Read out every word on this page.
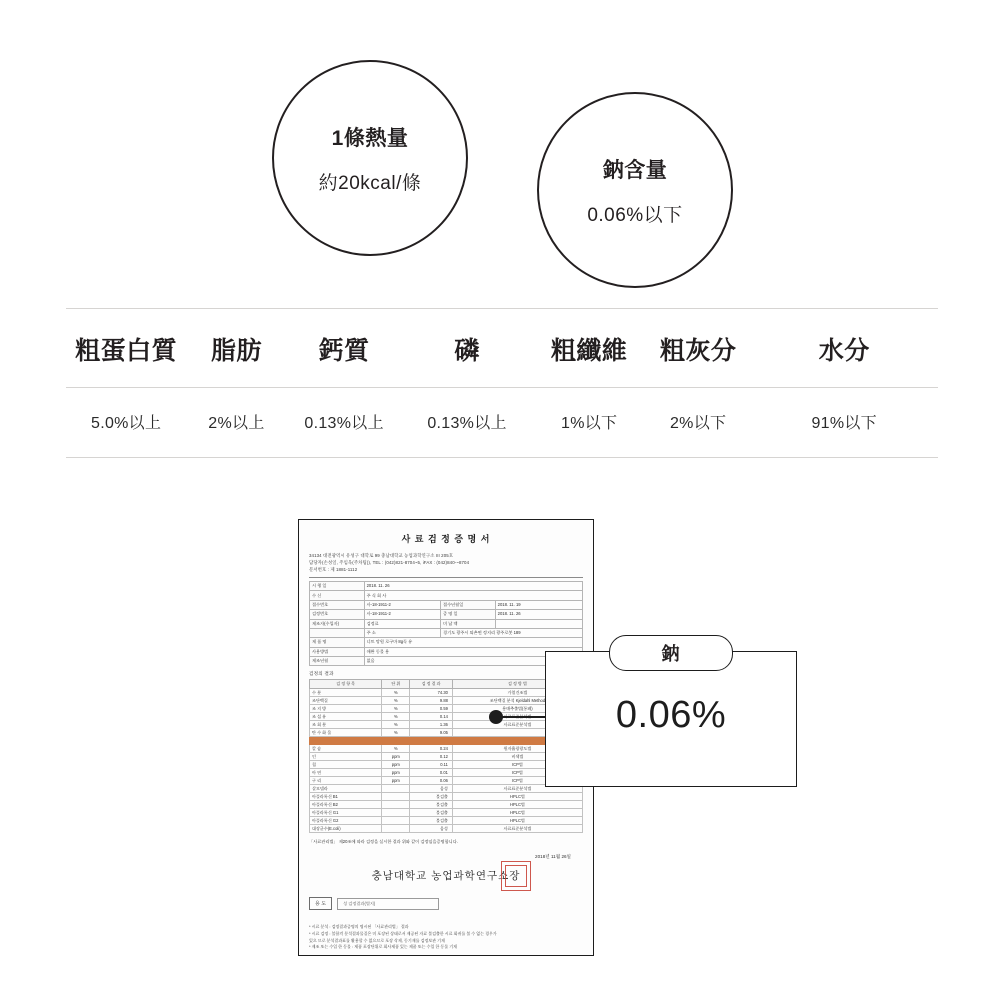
1條熱量
約20kcal/條
鈉含量
0.06%以下
粗蛋白質	脂肪	鈣質	磷	粗纖維	粗灰分	水分
5.0%以上	2%以上	0.13%以上	0.13%以上	1%以下	2%以下	91%以下
사 료 검 정 증 명 서
34134 대전광역시 유성구 대학로 99 충남대학교 농업과학연구소 III 205호
담당자(손성일, 주임욱(주차팀)), TEL : (042)821-8704~5, iFAX : (042)840-~8704
문서번호 : 제 1881-1112
시 행 일	2018. 11. 26		
수 신	주 식 회 사		
접수번호	사-18-1911-2	접수년월일	2018. 11. 19
검정번호	사-18-1911-2	증 명 일	2018. 11. 26
제조자(수입자)	검정료	미 납 액	
	주 소	경기도 광주시 퇴촌면 정지리 광주로봇 189	
제 품 명	너트 망원 로구마 8g독 유		
사용방법	애완 동물 용		
제조년월	없음		
검정의 결과
검 정 항 목	단 위	검 정 결 과	검 정 방 법
수 분	%	74.30	가열건조법
조단백질	%	9.88	조단백질 분석 Kjeldahl Method
조 지 방	%	0.59	용매추출법(통폐)
조 섬 유	%	0.14	
조 회 분	%	1.36	사료표준분석법
탄 수 화 물	%	9.05	
나트륨(Na)	%	0.06	원자흡광광도법
칼 슘	%	0.24	원자흡광광도법
인	ppm	0.12	비색법
철	ppm	0.11	ICP법
아 연	ppm	0.01	ICP법
구 리	ppm	0.06	ICP법
살모넬라		음성	사료표준분석법
아플라톡신 B1		불검출	HPLC법
아플라톡신 B2		불검출	HPLC법
아플라톡신 G1		불검출	HPLC법
아플라톡신 G2		불검출	HPLC법
대장균수(E.coli)		음성	사료표준분석법
「사료관리법」 제20조에 따라 검정을 실시한 결과 위와 같이 검정임을증명합니다.
2018년 11월 26일
충남대학교 농업과학연구소장
용 도	성 검정결과(별지)
* 시료 분석 : 검정결과증명의 명시된 「사료관리법」 결과
* 시료 검정 : 불합격 분석결과물질은 미 포장된 상태로서 제공된 자료 불검출한 시료 회귀를 볼 수 없는 경우가
있으 므로 분석결과표를 활용할 수 없으므로 포장 삭제, 동기재를 검정보관 기재
* 제조 또는 수입 한 동물 : 제품 포장단위로 회사제품 있는 제품 또는 수입 한 동물 기재
鈉
0.06%
